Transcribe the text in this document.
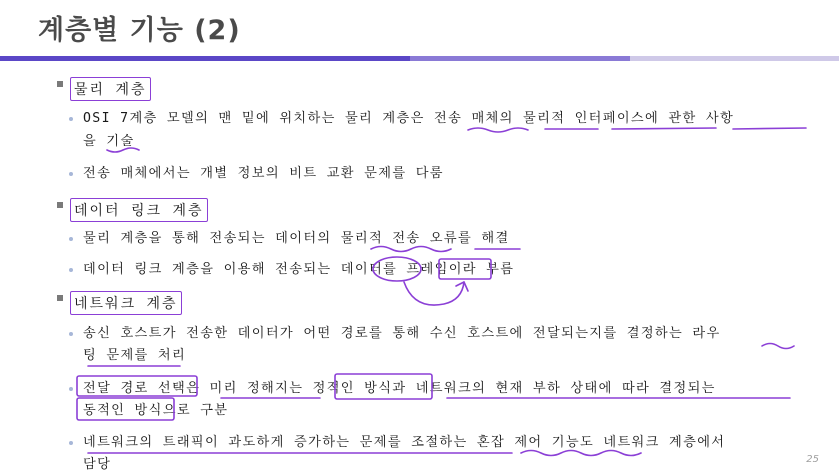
계층별 기능 (2)
물리 계층
OSI 7계층 모델의 맨 밑에 위치하는 물리 계층은 전송 매체의 물리적 인터페이스에 관한 사항
을 기술
전송 매체에서는 개별 정보의 비트 교환 문제를 다룸
데이터 링크 계층
물리 계층을 통해 전송되는 데이터의 물리적 전송 오류를 해결
데이터 링크 계층을 이용해 전송되는 데이터를 프레임이라 부름
네트워크 계층
송신 호스트가 전송한 데이터가 어떤 경로를 통해 수신 호스트에 전달되는지를 결정하는 라우
팅 문제를 처리
전달 경로 선택은 미리 정해지는 정적인 방식과 네트워크의 현재 부하 상태에 따라 결정되는
동적인 방식으로 구분
네트워크의 트래픽이 과도하게 증가하는 문제를 조절하는 혼잡 제어 기능도 네트워크 계층에서
담당	25
